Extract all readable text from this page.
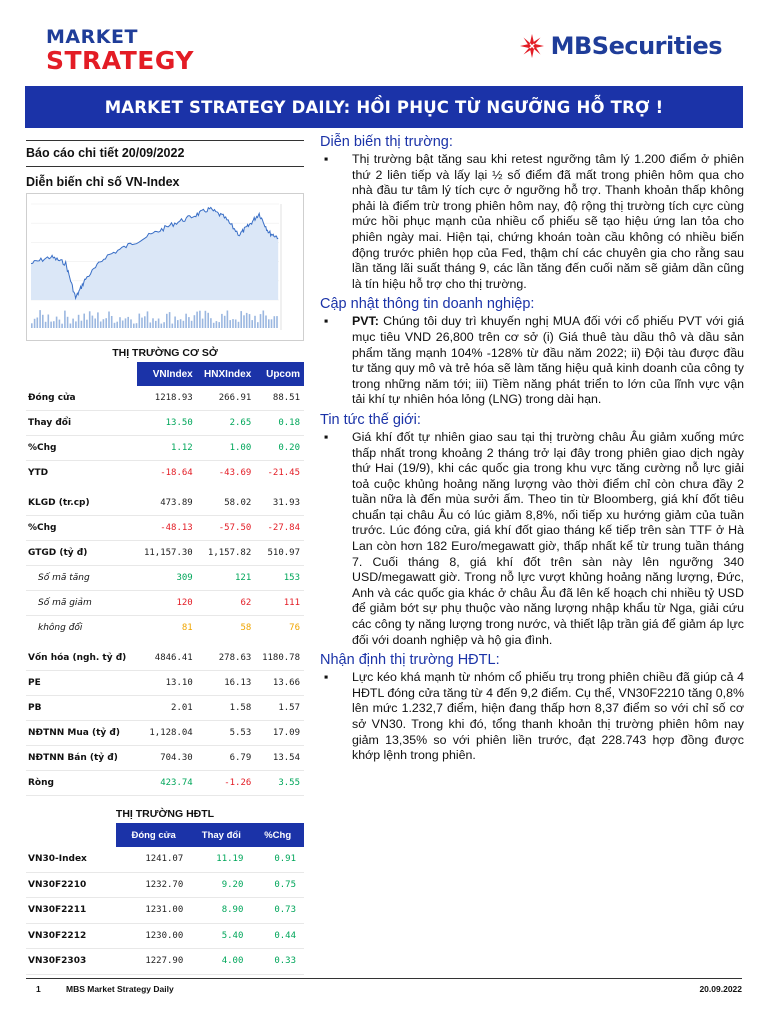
MARKET
STRATEGY	MBSecurities
MARKET STRATEGY DAILY: HỒI PHỤC TỪ NGƯỠNG HỖ TRỢ !
Báo cáo chi tiết 20/09/2022
Diễn biến chỉ số VN-Index
THỊ TRƯỜNG CƠ SỞ
	VNIndex	HNXIndex	Upcom
Đóng cửa	1218.93	266.91	88.51
Thay đổi	13.50	2.65	0.18
%Chg	1.12	1.00	0.20
YTD	-18.64	-43.69	-21.45
KLGD (tr.cp)	473.89	58.02	31.93
%Chg	-48.13	-57.50	-27.84
GTGD (tỷ đ)	11,157.30	1,157.82	510.97
Số mã tăng	309	121	153
Số mã giảm	120	62	111
không đổi	81	58	76
Vốn hóa (ngh. tỷ đ)	4846.41	278.63	1180.78
PE	13.10	16.13	13.66
PB	2.01	1.58	1.57
NĐTNN Mua (tỷ đ)	1,128.04	5.53	17.09
NĐTNN Bán (tỷ đ)	704.30	6.79	13.54
Ròng	423.74	-1.26	3.55
THỊ TRƯỜNG HĐTL
	Đóng cửa	Thay đổi	%Chg
VN30-Index	1241.07	11.19	0.91
VN30F2210	1232.70	9.20	0.75
VN30F2211	1231.00	8.90	0.73
VN30F2212	1230.00	5.40	0.44
VN30F2303	1227.90	4.00	0.33
Diễn biến thị trường:
▪ Thị trường bật tăng sau khi retest ngưỡng tâm lý 1.200 điểm ở phiên thứ 2 liên tiếp và lấy lại ½ số điểm đã mất trong phiên hôm qua cho nhà đầu tư tâm lý tích cực ở ngưỡng hỗ trợ. Thanh khoản thấp không phải là điểm trừ trong phiên hôm nay, độ rộng thị trường tích cực cùng mức hồi phục mạnh của nhiều cổ phiếu sẽ tạo hiệu ứng lan tỏa cho phiên ngày mai. Hiện tại, chứng khoán toàn cầu không có nhiều biến động trước phiên họp của Fed, thậm chí các chuyên gia cho rằng sau lần tăng lãi suất tháng 9, các lần tăng đến cuối năm sẽ giảm dần cũng là tín hiệu hỗ trợ cho thị trường.
Cập nhật thông tin doanh nghiệp:
▪ PVT: Chúng tôi duy trì khuyến nghị MUA đối với cổ phiếu PVT với giá mục tiêu VND 26,800 trên cơ sở (i) Giá thuê tàu dầu thô và dầu sản phẩm tăng mạnh 104% -128% từ đầu năm 2022; ii) Đội tàu được đầu tư tăng quy mô và trẻ hóa sẽ làm tăng hiệu quả kinh doanh của công ty trong những năm tới; iii) Tiềm năng phát triển to lớn của lĩnh vực vận tải khí tự nhiên hóa lỏng (LNG) trong dài hạn.
Tin tức thế giới:
▪ Giá khí đốt tự nhiên giao sau tại thị trường châu Âu giảm xuống mức thấp nhất trong khoảng 2 tháng trở lại đây trong phiên giao dịch ngày thứ Hai (19/9), khi các quốc gia trong khu vực tăng cường nỗ lực giải toả cuộc khủng hoảng năng lượng vào thời điểm chỉ còn chưa đầy 2 tuần nữa là đến mùa sưởi ấm. Theo tin từ Bloomberg, giá khí đốt tiêu chuẩn tại châu Âu có lúc giảm 8,8%, nối tiếp xu hướng giảm của tuần trước. Lúc đóng cửa, giá khí đốt giao tháng kế tiếp trên sàn TTF ở Hà Lan còn hơn 182 Euro/megawatt giờ, thấp nhất kể từ trung tuần tháng 7. Cuối tháng 8, giá khí đốt trên sàn này lên ngưỡng 340 USD/megawatt giờ. Trong nỗ lực vượt khủng hoảng năng lượng, Đức, Anh và các quốc gia khác ở châu Âu đã lên kế hoạch chi nhiều tỷ USD để giảm bớt sự phụ thuộc vào năng lượng nhập khẩu từ Nga, giải cứu các công ty năng lượng trong nước, và thiết lập trần giá để giảm áp lực đối với doanh nghiệp và hộ gia đình.
Nhận định thị trường HĐTL:
▪ Lực kéo khá mạnh từ nhóm cổ phiếu trụ trong phiên chiều đã giúp cả 4 HĐTL đóng cửa tăng từ 4 đến 9,2 điểm. Cụ thể, VN30F2210 tăng 0,8% lên mức 1.232,7 điểm, hiện đang thấp hơn 8,37 điểm so với chỉ số cơ sở VN30. Trong khi đó, tổng thanh khoản thị trường phiên hôm nay giảm 13,35% so với phiên liền trước, đạt 228.743 hợp đồng được khớp lệnh trong phiên.
1	MBS Market Strategy Daily	20.09.2022
